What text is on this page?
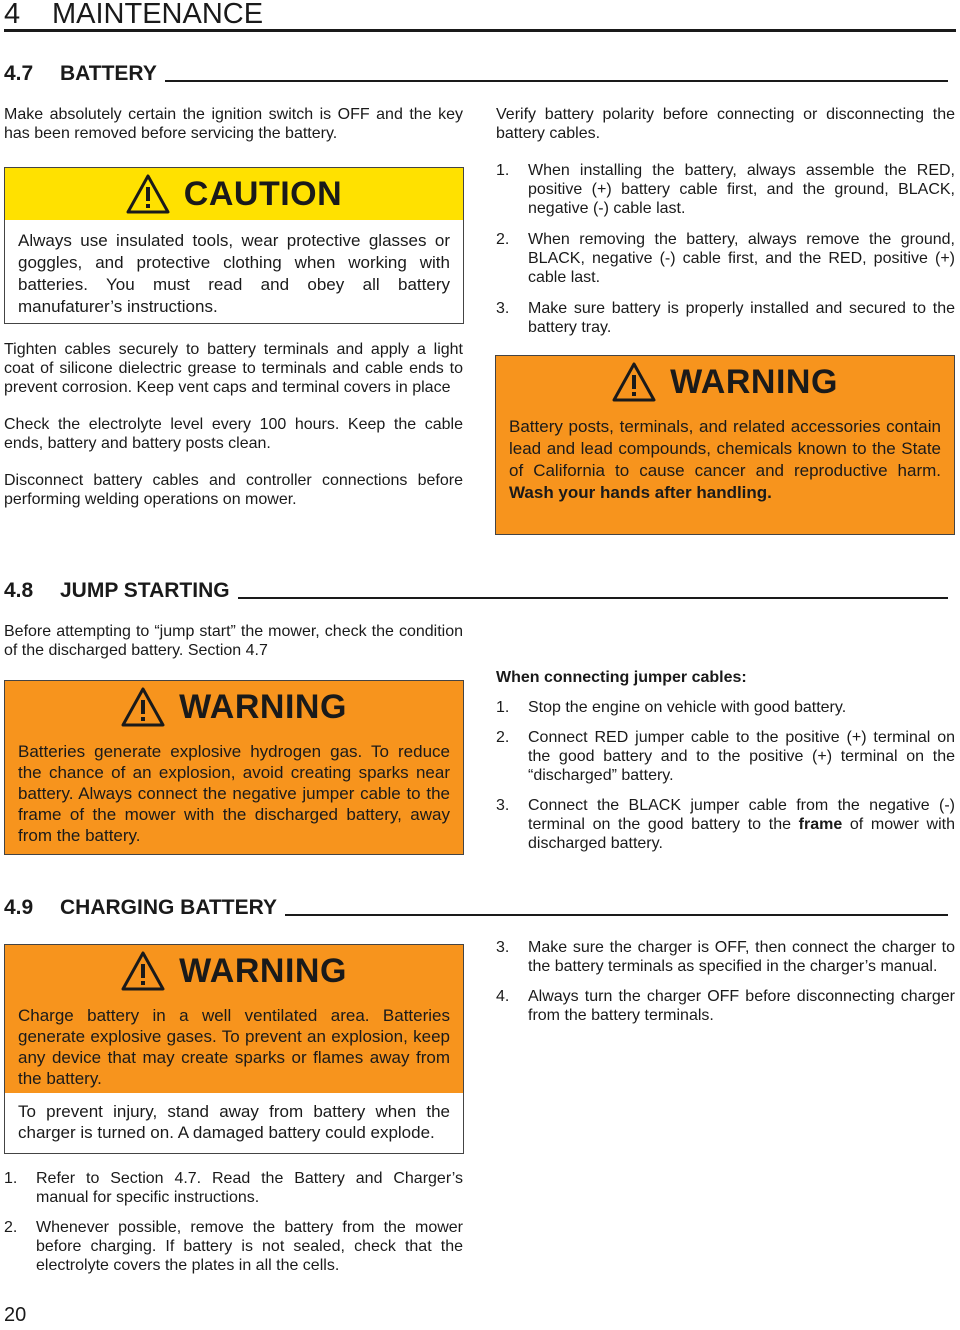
4 MAINTENANCE
4.7	BATTERY

Make absolutely certain the ignition switch is OFF and the key has been removed before servicing the battery.

CAUTION

Always use insulated tools, wear protective glasses or goggles, and protective clothing when working with batteries. You must read and obey all battery manufaturer’s instructions.

Tighten cables securely to battery terminals and apply a light coat of silicone dielectric grease to terminals and cable ends to prevent corrosion. Keep vent caps and terminal covers in place

Check the electrolyte level every 100 hours. Keep the cable ends, battery and battery posts clean.

Disconnect battery cables and controller connections before performing welding operations on mower.

Verify battery polarity before connecting or disconnecting the battery cables.

1.	When installing the battery, always assemble the RED, positive (+) battery cable first, and the ground, BLACK, negative (-) cable last.
2.	When removing the battery, always remove the ground, BLACK, negative (-) cable first, and the RED, positive (+) cable last.
3.	Make sure battery is properly installed and secured to the battery tray.
WARNING

Battery posts, terminals, and related accessories contain lead and lead compounds, chemicals known to the State of California to cause cancer and reproductive harm. Wash your hands after handling.

4.8	JUMP STARTING

Before attempting to “jump start” the mower, check the condition of the discharged battery. Section 4.7

WARNING

Batteries generate explosive hydrogen gas. To reduce the chance of an explosion, avoid creating sparks near battery. Always connect the negative jumper cable to the frame of the mower with the discharged battery, away from the battery.

When connecting jumper cables:

1.	Stop the engine on vehicle with good battery.
2.	Connect RED jumper cable to the positive (+) terminal on the good battery and to the positive (+) terminal on the “discharged” battery.
3.	Connect the BLACK jumper cable from the negative (-) terminal on the good battery to the frame of mower with discharged battery.
4.9	CHARGING BATTERY
WARNING

Charge battery in a well ventilated area. Batteries generate explosive gases. To prevent an explosion, keep any device that may create sparks or flames away from the battery.

To prevent injury, stand away from battery when the charger is turned on. A damaged battery could explode.

1.	Refer to Section 4.7. Read the Battery and Charger’s manual for specific instructions.
2.	Whenever possible, remove the battery from the mower before charging. If battery is not sealed, check that the electrolyte covers the plates in all the cells.
3.	Make sure the charger is OFF, then connect the charger to the battery terminals as specified in the charger’s manual.
4.	Always turn the charger OFF before disconnecting charger from the battery terminals.
20
